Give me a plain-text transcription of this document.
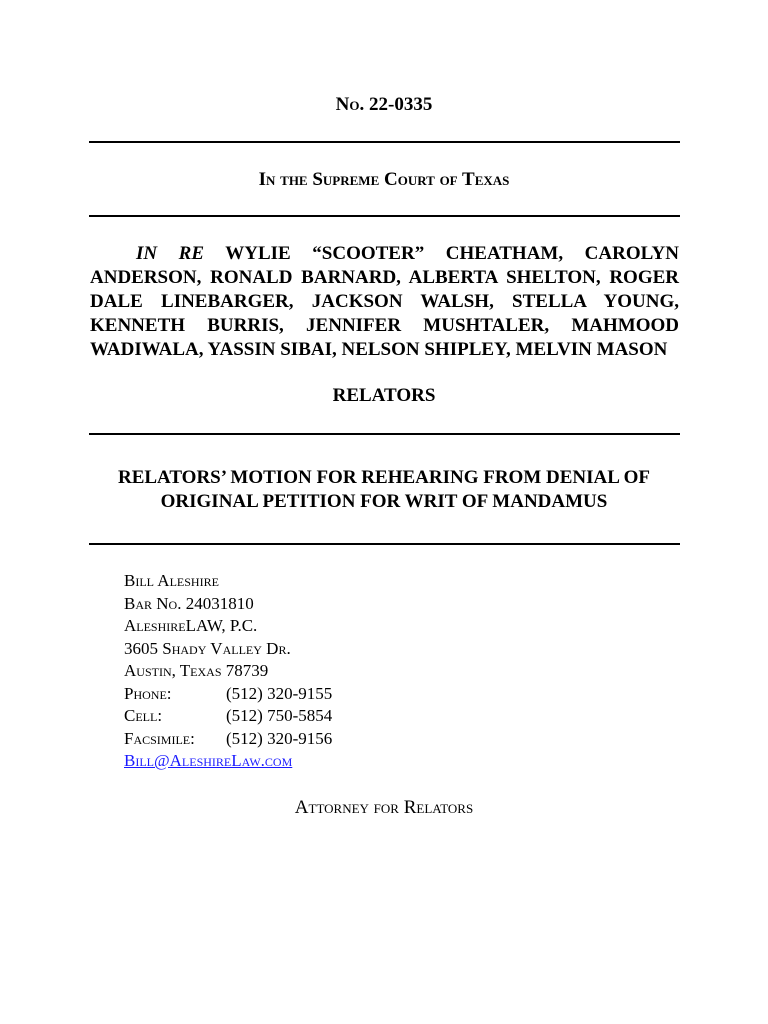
No. 22-0335
In the Supreme Court of Texas
IN RE WYLIE “SCOOTER” CHEATHAM, CAROLYN ANDERSON, RONALD BARNARD, ALBERTA SHELTON, ROGER DALE LINEBARGER, JACKSON WALSH, STELLA YOUNG, KENNETH BURRIS, JENNIFER MUSHTALER, MAHMOOD WADIWALA, YASSIN SIBAI, NELSON SHIPLEY, MELVIN MASON
RELATORS
RELATORS’ MOTION FOR REHEARING FROM DENIAL OF
ORIGINAL PETITION FOR WRIT OF MANDAMUS
Bill Aleshire
Bar No. 24031810
AleshireLAW, P.C.
3605 Shady Valley Dr.
Austin, Texas 78739
Phone:	(512) 320-9155
Cell:	(512) 750-5854
Facsimile: (512) 320-9156
Bill@AleshireLaw.com
Attorney for Relators
